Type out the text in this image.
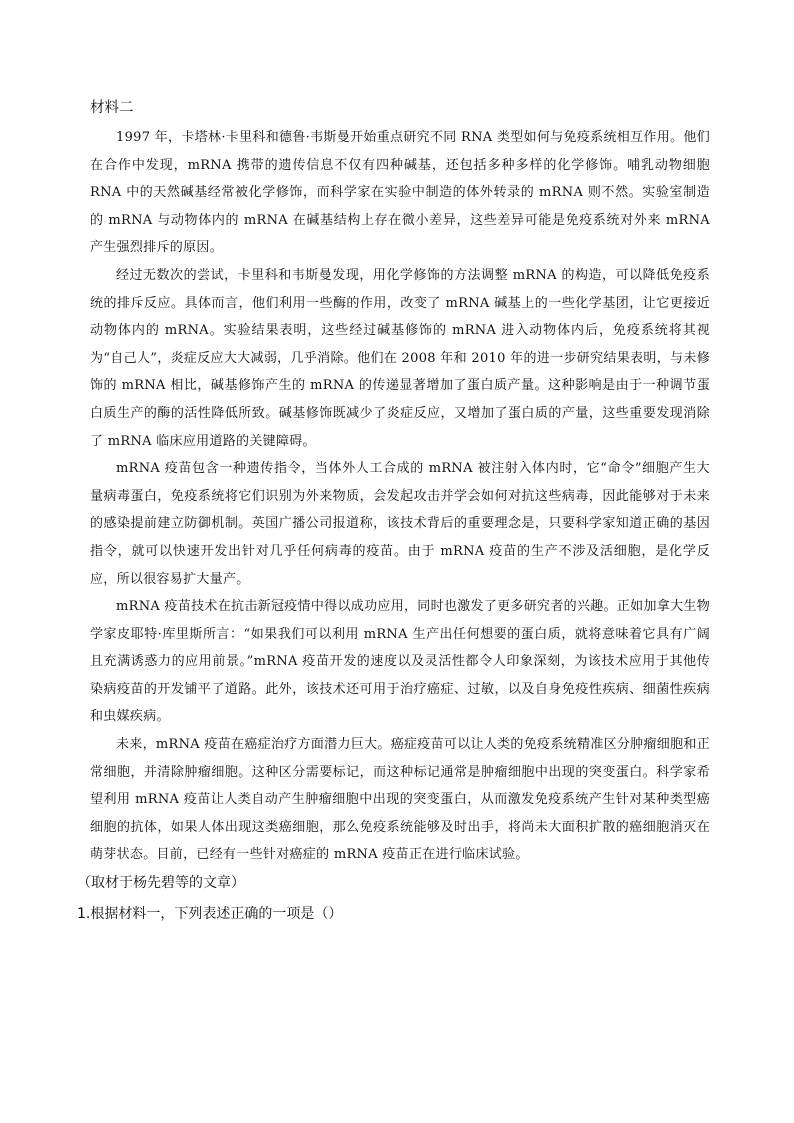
材料二

1997 年，卡塔林·卡里科和德鲁·韦斯曼开始重点研究不同 RNA 类型如何与免疫系统相互作用。他们在合作中发现，mRNA 携带的遗传信息不仅有四种碱基，还包括多种多样的化学修饰。哺乳动物细胞 RNA 中的天然碱基经常被化学修饰，而科学家在实验中制造的体外转录的 mRNA 则不然。实验室制造的 mRNA 与动物体内的 mRNA 在碱基结构上存在微小差异，这些差异可能是免疫系统对外来 mRNA 产生强烈排斥的原因。

经过无数次的尝试，卡里科和韦斯曼发现，用化学修饰的方法调整 mRNA 的构造，可以降低免疫系统的排斥反应。具体而言，他们利用一些酶的作用，改变了 mRNA 碱基上的一些化学基团，让它更接近动物体内的 mRNA。实验结果表明，这些经过碱基修饰的 mRNA 进入动物体内后，免疫系统将其视为“自己人”，炎症反应大大减弱，几乎消除。他们在 2008 年和 2010 年的进一步研究结果表明，与未修饰的 mRNA 相比，碱基修饰产生的 mRNA 的传递显著增加了蛋白质产量。这种影响是由于一种调节蛋白质生产的酶的活性降低所致。碱基修饰既减少了炎症反应，又增加了蛋白质的产量，这些重要发现消除了 mRNA 临床应用道路的关键障碍。

mRNA 疫苗包含一种遗传指令，当体外人工合成的 mRNA 被注射入体内时，它“命令”细胞产生大量病毒蛋白，免疫系统将它们识别为外来物质，会发起攻击并学会如何对抗这些病毒，因此能够对于未来的感染提前建立防御机制。英国广播公司报道称，该技术背后的重要理念是，只要科学家知道正确的基因指令，就可以快速开发出针对几乎任何病毒的疫苗。由于 mRNA 疫苗的生产不涉及活细胞，是化学反应，所以很容易扩大量产。

mRNA 疫苗技术在抗击新冠疫情中得以成功应用，同时也激发了更多研究者的兴趣。正如加拿大生物学家皮耶特·库里斯所言：“如果我们可以利用 mRNA 生产出任何想要的蛋白质，就将意味着它具有广阔且充满诱惑力的应用前景。”mRNA 疫苗开发的速度以及灵活性都令人印象深刻，为该技术应用于其他传染病疫苗的开发铺平了道路。此外，该技术还可用于治疗癌症、过敏，以及自身免疫性疾病、细菌性疾病和虫媒疾病。

未来，mRNA 疫苗在癌症治疗方面潜力巨大。癌症疫苗可以让人类的免疫系统精准区分肿瘤细胞和正常细胞，并清除肿瘤细胞。这种区分需要标记，而这种标记通常是肿瘤细胞中出现的突变蛋白。科学家希望利用 mRNA 疫苗让人类自动产生肿瘤细胞中出现的突变蛋白，从而激发免疫系统产生针对某种类型癌细胞的抗体，如果人体出现这类癌细胞，那么免疫系统能够及时出手，将尚未大面积扩散的癌细胞消灭在萌芽状态。目前，已经有一些针对癌症的 mRNA 疫苗正在进行临床试验。

（取材于杨先碧等的文章）
1.根据材料一，下列表述正确的一项是（）
